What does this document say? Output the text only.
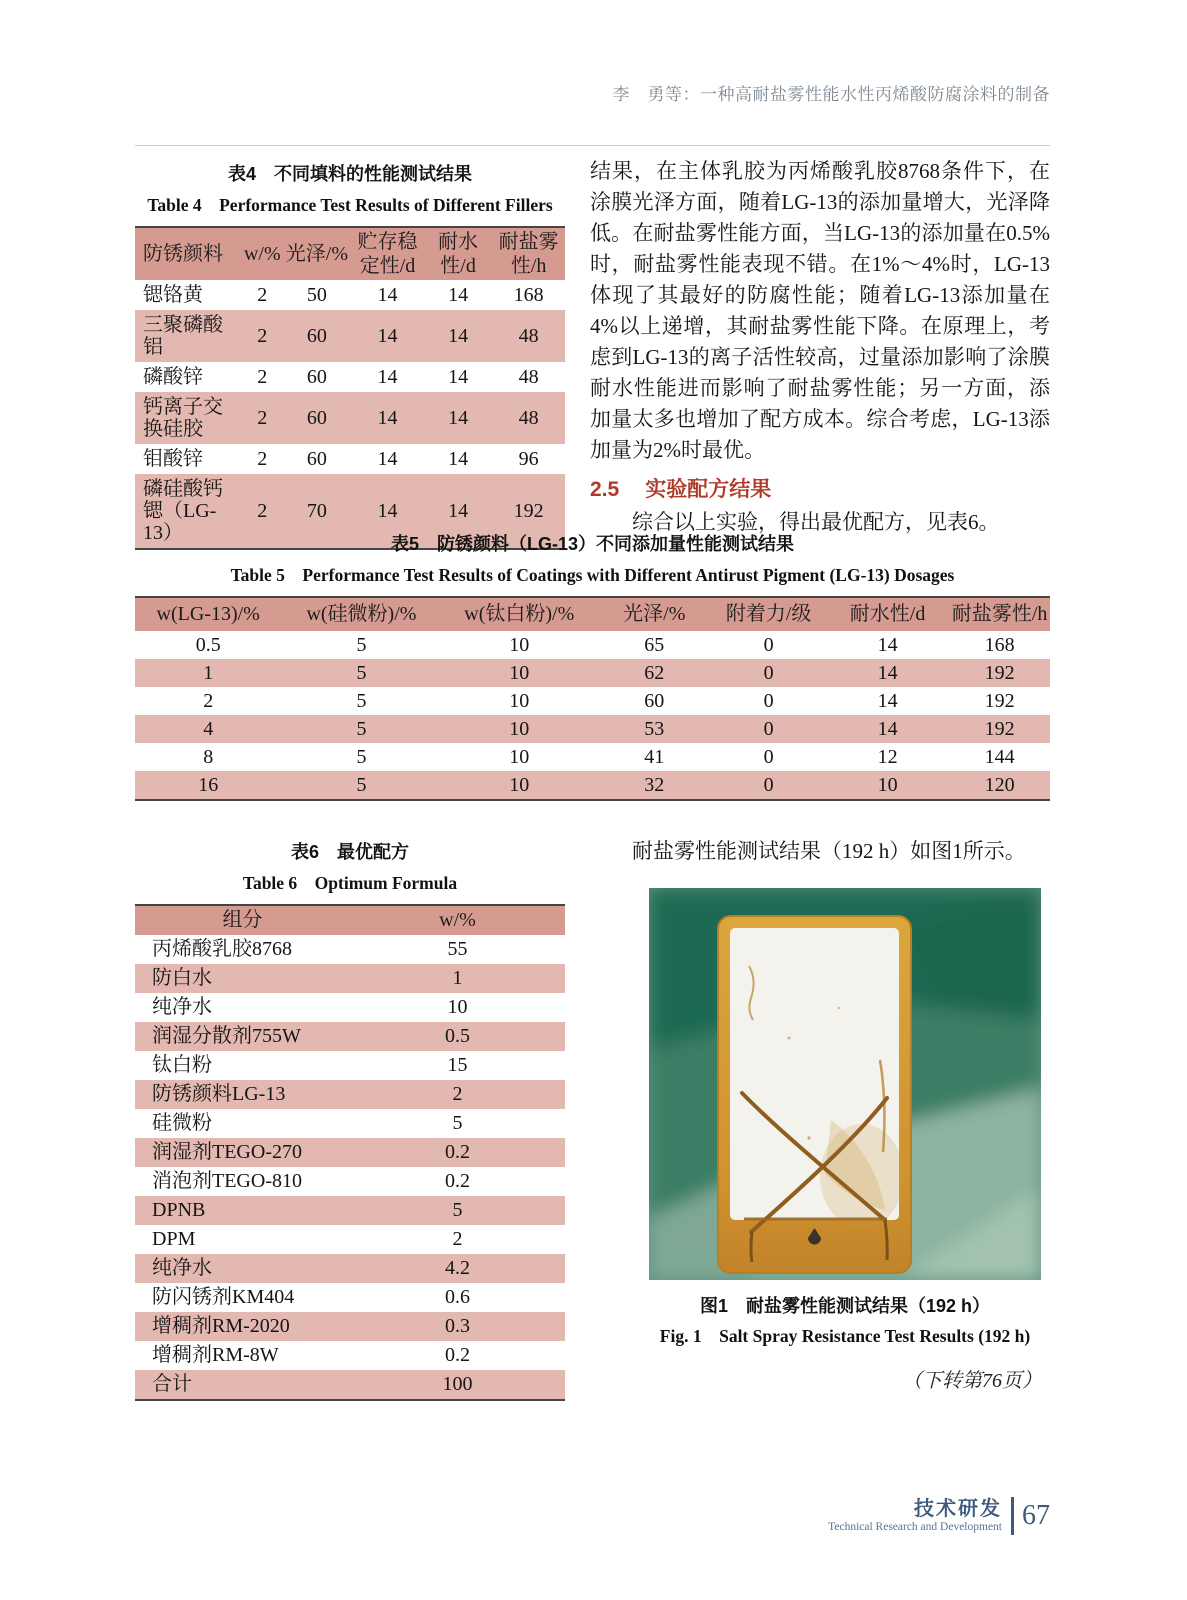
李　勇等：一种高耐盐雾性能水性丙烯酸防腐涂料的制备

表4　不同填料的性能测试结果

Table 4　Performance Test Results of Different Fillers

防锈颜料	w/%	光泽/%	贮存稳定性/d	耐水性/d	耐盐雾性/h
锶铬黄	2	50	14	14	168
三聚磷酸铝	2	60	14	14	48
磷酸锌	2	60	14	14	48
钙离子交换硅胶	2	60	14	14	48
钼酸锌	2	60	14	14	96
磷硅酸钙锶（LG-13）	2	70	14	14	192

结果，在主体乳胶为丙烯酸乳胶8768条件下，在涂膜光泽方面，随着LG-13的添加量增大，光泽降低。在耐盐雾性能方面，当LG-13的添加量在0.5%时，耐盐雾性能表现不错。在1%～4%时，LG-13体现了其最好的防腐性能；随着LG-13添加量在4%以上递增，其耐盐雾性能下降。在原理上，考虑到LG-13的离子活性较高，过量添加影响了涂膜耐水性能进而影响了耐盐雾性能；另一方面，添加量太多也增加了配方成本。综合考虑，LG-13添加量为2%时最优。

2.5 实验配方结果

综合以上实验，得出最优配方，见表6。

表5　防锈颜料（LG-13）不同添加量性能测试结果

Table 5　Performance Test Results of Coatings with Different Antirust Pigment (LG-13) Dosages

w(LG-13)/%	w(硅微粉)/%	w(钛白粉)/%	光泽/%	附着力/级	耐水性/d	耐盐雾性/h
0.5	5	10	65	0	14	168
1	5	10	62	0	14	192
2	5	10	60	0	14	192
4	5	10	53	0	14	192
8	5	10	41	0	12	144
16	5	10	32	0	10	120

表6　最优配方

Table 6　Optimum Formula

组分	w/%
丙烯酸乳胶8768	55
防白水	1
纯净水	10
润湿分散剂755W	0.5
钛白粉	15
防锈颜料LG-13	2
硅微粉	5
润湿剂TEGO-270	0.2
消泡剂TEGO-810	0.2
DPNB	5
DPM	2
纯净水	4.2
防闪锈剂KM404	0.6
增稠剂RM-2020	0.3
增稠剂RM-8W	0.2
合计	100

耐盐雾性能测试结果（192 h）如图1所示。

图1　耐盐雾性能测试结果（192 h）

Fig. 1　Salt Spray Resistance Test Results (192 h)

（下转第76页）

技术研发
Technical Research and Development 67
